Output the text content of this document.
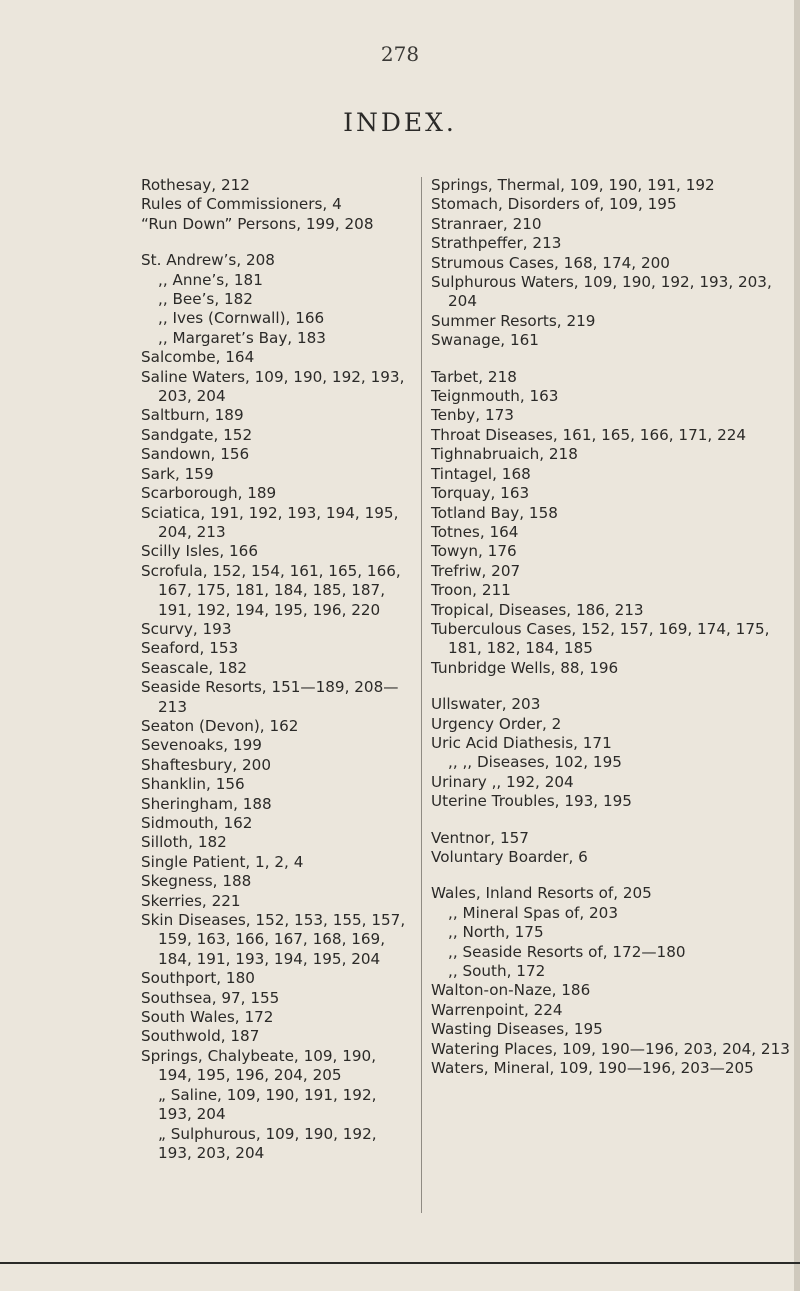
278
INDEX.
Rothesay, 212
Rules of Commissioners, 4
“Run Down” Persons, 199, 208
St. Andrew’s, 208
,, Anne’s, 181
,, Bee’s, 182
,, Ives (Cornwall), 166
,, Margaret’s Bay, 183
Salcombe, 164
Saline Waters, 109, 190, 192, 193, 203, 204
Saltburn, 189
Sandgate, 152
Sandown, 156
Sark, 159
Scarborough, 189
Sciatica, 191, 192, 193, 194, 195, 204, 213
Scilly Isles, 166
Scrofula, 152, 154, 161, 165, 166, 167, 175, 181, 184, 185, 187, 191, 192, 194, 195, 196, 220
Scurvy, 193
Seaford, 153
Seascale, 182
Seaside Resorts, 151—189, 208—213
Seaton (Devon), 162
Sevenoaks, 199
Shaftesbury, 200
Shanklin, 156
Sheringham, 188
Sidmouth, 162
Silloth, 182
Single Patient, 1, 2, 4
Skegness, 188
Skerries, 221
Skin Diseases, 152, 153, 155, 157, 159, 163, 166, 167, 168, 169, 184, 191, 193, 194, 195, 204
Southport, 180
Southsea, 97, 155
South Wales, 172
Southwold, 187
Springs, Chalybeate, 109, 190, 194, 195, 196, 204, 205
„ Saline, 109, 190, 191, 192, 193, 204
„ Sulphurous, 109, 190, 192, 193, 203, 204
Springs, Thermal, 109, 190, 191, 192
Stomach, Disorders of, 109, 195
Stranraer, 210
Strathpeffer, 213
Strumous Cases, 168, 174, 200
Sulphurous Waters, 109, 190, 192, 193, 203, 204
Summer Resorts, 219
Swanage, 161
Tarbet, 218
Teignmouth, 163
Tenby, 173
Throat Diseases, 161, 165, 166, 171, 224
Tighnabruaich, 218
Tintagel, 168
Torquay, 163
Totland Bay, 158
Totnes, 164
Towyn, 176
Trefriw, 207
Troon, 211
Tropical, Diseases, 186, 213
Tuberculous Cases, 152, 157, 169, 174, 175, 181, 182, 184, 185
Tunbridge Wells, 88, 196
Ullswater, 203
Urgency Order, 2
Uric Acid Diathesis, 171
,, ,, Diseases, 102, 195
Urinary ,, 192, 204
Uterine Troubles, 193, 195
Ventnor, 157
Voluntary Boarder, 6
Wales, Inland Resorts of, 205
,, Mineral Spas of, 203
,, North, 175
,, Seaside Resorts of, 172—180
,, South, 172
Walton-on-Naze, 186
Warrenpoint, 224
Wasting Diseases, 195
Watering Places, 109, 190—196, 203, 204, 213
Waters, Mineral, 109, 190—196, 203—205
